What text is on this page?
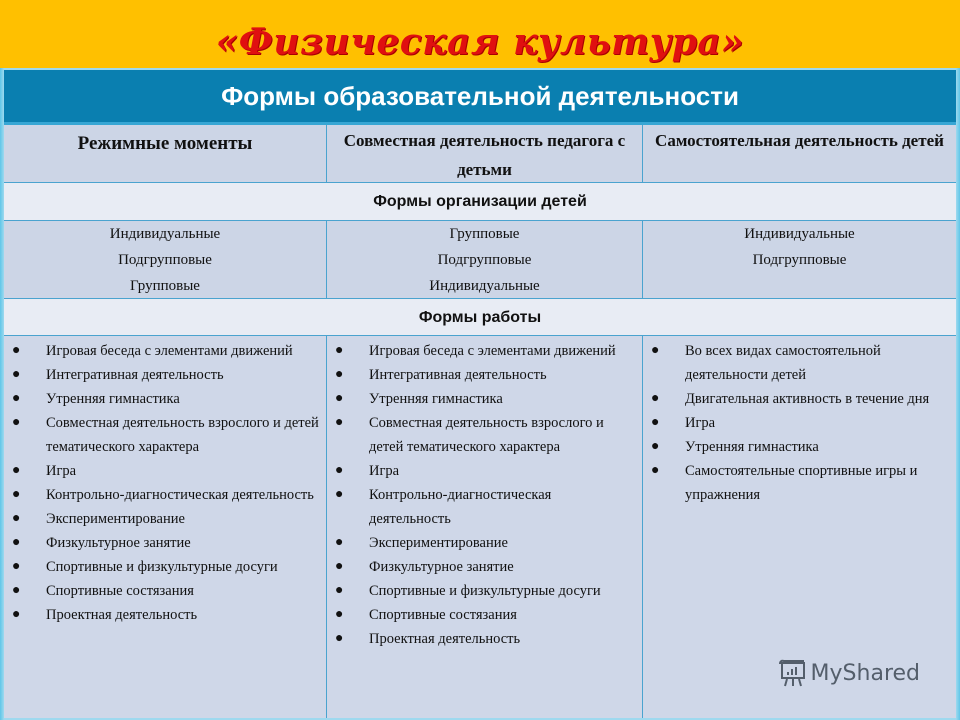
«Физическая культура»
Формы образовательной деятельности
Режимные моменты	Совместная деятельность педагога с детьми
Самостоятельная деятельность детей
Формы организации детей
Индивидуальные
Подгрупповые
Групповые
Групповые
Подгрупповые
Индивидуальные
Индивидуальные
Подгрупповые
Формы работы
● Игровая беседа с элементами движений
● Интегративная деятельность
● Утренняя гимнастика
● Совместная деятельность взрослого и детей тематического характера
● Игра
● Контрольно-диагностическая деятельность
● Экспериментирование
● Физкультурное занятие
● Спортивные и физкультурные досуги
● Спортивные состязания
● Проектная деятельность
● Игровая беседа с элементами движений
● Интегративная деятельность
● Утренняя гимнастика
● Совместная деятельность взрослого и детей тематического характера
● Игра
● Контрольно-диагностическая деятельность
● Экспериментирование
● Физкультурное занятие
● Спортивные и физкультурные досуги
● Спортивные состязания
● Проектная деятельность
● Во всех видах самостоятельной деятельности детей
● Двигательная активность в течение дня
● Игра
● Утренняя гимнастика
● Самостоятельные спортивные игры и упражнения
MyShared
